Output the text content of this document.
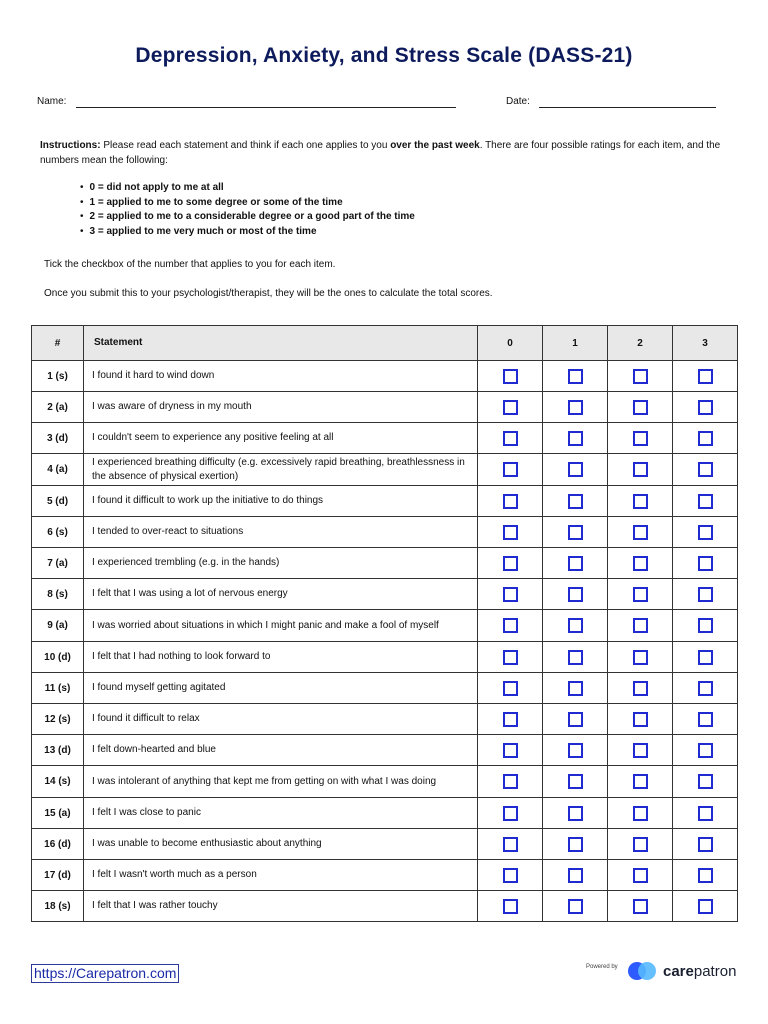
Depression, Anxiety, and Stress Scale (DASS-21)
Name:	Date:
Instructions: Please read each statement and think if each one applies to you over the past week. There are four possible ratings for each item, and the numbers mean the following:
• 0 = did not apply to me at all
• 1 = applied to me to some degree or some of the time
• 2 = applied to me to a considerable degree or a good part of the time
• 3 = applied to me very much or most of the time
Tick the checkbox of the number that applies to you for each item.
Once you submit this to your psychologist/therapist, they will be the ones to calculate the total scores.
#	Statement	0	1	2	3
1 (s)	I found it hard to wind down				
2 (a)	I was aware of dryness in my mouth				
3 (d)	I couldn't seem to experience any positive feeling at all				
4 (a)	I experienced breathing difficulty (e.g. excessively rapid breathing, breathlessness in the absence of physical exertion)				
5 (d)	I found it difficult to work up the initiative to do things				
6 (s)	I tended to over-react to situations				
7 (a)	I experienced trembling (e.g. in the hands)				
8 (s)	I felt that I was using a lot of nervous energy				
9 (a)	I was worried about situations in which I might panic and make a fool of myself				
10 (d)	I felt that I had nothing to look forward to				
11 (s)	I found myself getting agitated				
12 (s)	I found it difficult to relax				
13 (d)	I felt down-hearted and blue				
14 (s)	I was intolerant of anything that kept me from getting on with what I was doing				
15 (a)	I felt I was close to panic				
16 (d)	I was unable to become enthusiastic about anything				
17 (d)	I felt I wasn't worth much as a person				
18 (s)	I felt that I was rather touchy				
https://Carepatron.com	Powered by	carepatron
